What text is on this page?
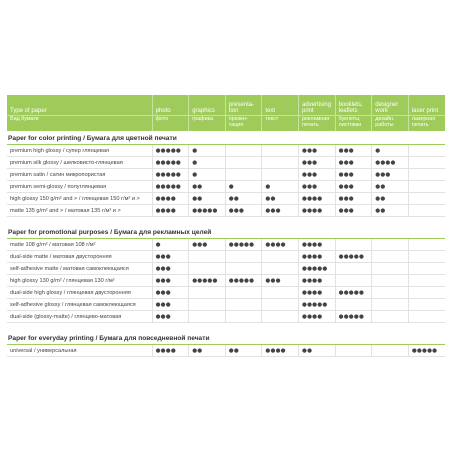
Type of paper	photo	graphics	presenta-tion	text	advertising print	booklets, leaflets	designer work	laser print
Вид бумаги	фото	графика	презен-тация	текст	рекламная печать	буклеты, листовки	дизайн. работы	лазерная печать
Paper for color printing / Бумага для цветной печати								
premium high glossy / супер глянцевая	●●●●●	●			●●●	●●●	●	
premium silk glossy / шелковисто-глянцевая	●●●●●	●			●●●	●●●	●●●●	
premium satin / сатин микропористая	●●●●●	●			●●●	●●●	●●●	
premium semi-glossy / полуглянцевая	●●●●●	●●	●	●	●●●	●●●	●●	
high glossy 150 g/m² and > / глянцевая 150 г/м² и >	●●●●	●●	●●	●●	●●●●	●●●	●●	
matte 135 g/m² and > / матовая 135 г/м² и >	●●●●	●●●●●	●●●	●●●	●●●●	●●●	●●	

Paper for promotional purposes / Бумага для рекламных целей								
matte 108 g/m² / матовая 108 г/м²	●	●●●	●●●●●	●●●●	●●●●			
dual-side matte / матовая двусторонняя	●●●				●●●●	●●●●●		
self-adhesive matte / матовая самоклеющаяся	●●●				●●●●●			
high glossy 130 g/m² / глянцевая 130 г/м²	●●●	●●●●●	●●●●●	●●●	●●●●			
dual-side high glossy / глянцевая двусторонняя	●●●				●●●●	●●●●●		
self-adhesive glossy / глянцевая самоклеющаяся	●●●				●●●●●			
dual-side (glossy-matte) / глянцево-матовая	●●●				●●●●	●●●●●		

Paper for everyday printing / Бумага для повседневной печати								
universal / универсальная	●●●●	●●	●●	●●●●	●●			●●●●●
